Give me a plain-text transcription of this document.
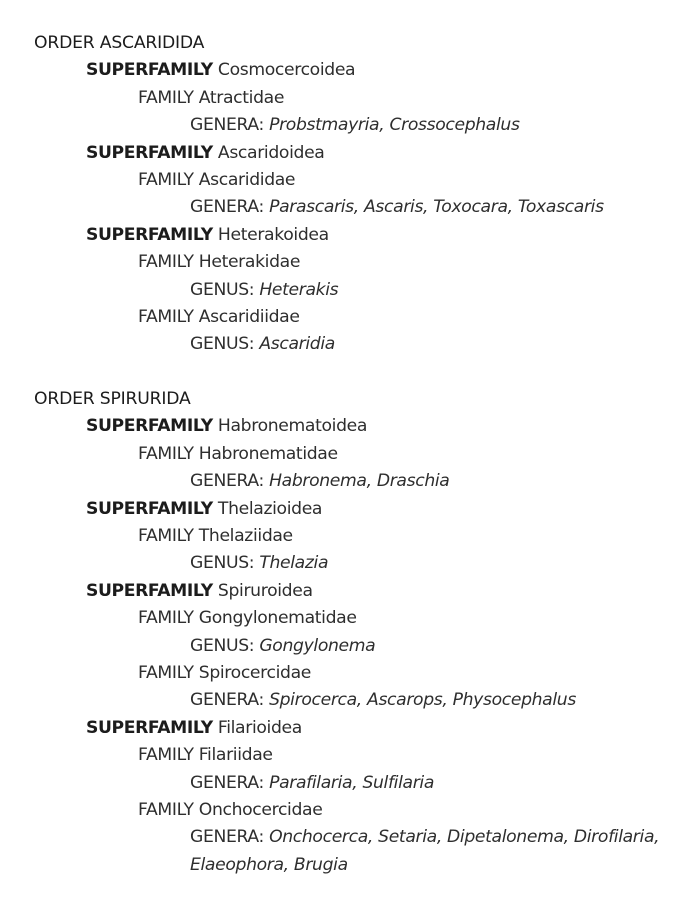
ORDER ASCARIDIDA
SUPERFAMILY Cosmocercoidea
FAMILY Atractidae
GENERA: Probstmayria, Crossocephalus
SUPERFAMILY Ascaridoidea
FAMILY Ascarididae
GENERA: Parascaris, Ascaris, Toxocara, Toxascaris
SUPERFAMILY Heterakoidea
FAMILY Heterakidae
GENUS: Heterakis
FAMILY Ascaridiidae
GENUS: Ascaridia
ORDER SPIRURIDA
SUPERFAMILY Habronematoidea
FAMILY Habronematidae
GENERA: Habronema, Draschia
SUPERFAMILY Thelazioidea
FAMILY Thelaziidae
GENUS: Thelazia
SUPERFAMILY Spiruroidea
FAMILY Gongylonematidae
GENUS: Gongylonema
FAMILY Spirocercidae
GENERA: Spirocerca, Ascarops, Physocephalus
SUPERFAMILY Filarioidea
FAMILY Filariidae
GENERA: Parafilaria, Sulfilaria
FAMILY Onchocercidae
GENERA: Onchocerca, Setaria, Dipetalonema, Dirofilaria,
Elaeophora, Brugia
